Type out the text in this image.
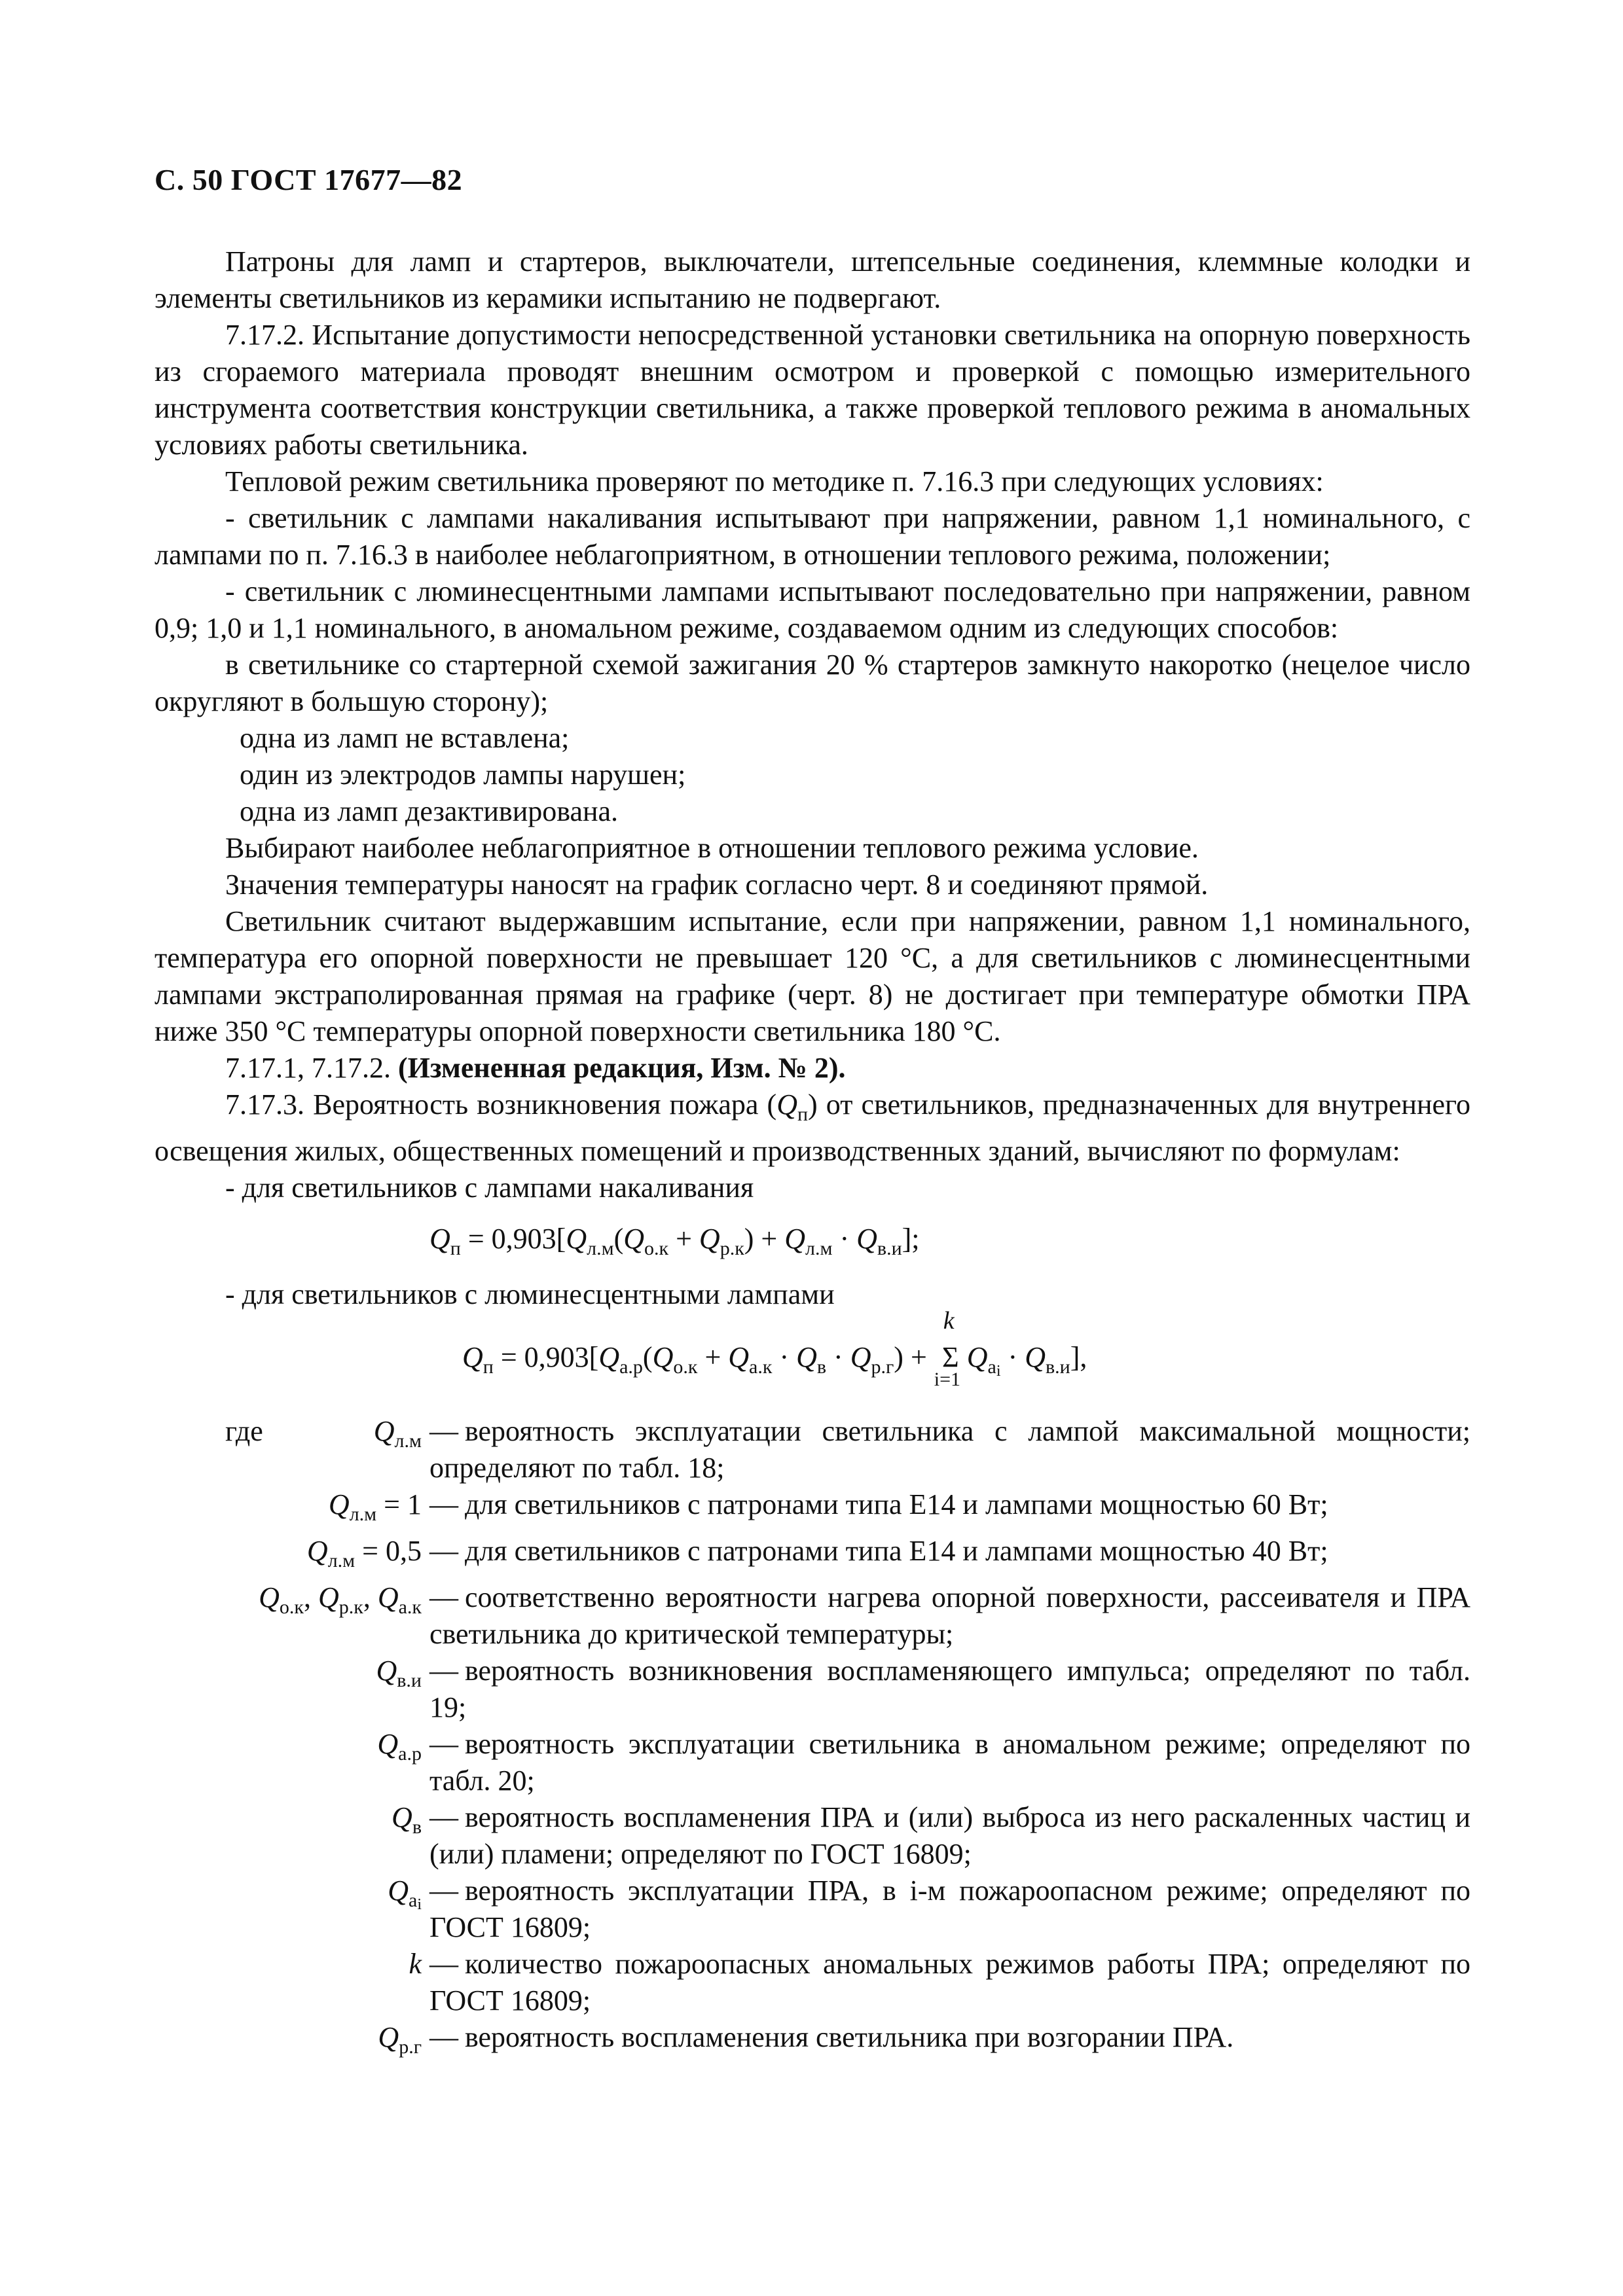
С. 50 ГОСТ 17677—82

Патроны для ламп и стартеров, выключатели, штепсельные соединения, клеммные колодки и элементы светильников из керамики испытанию не подвергают.

7.17.2. Испытание допустимости непосредственной установки светильника на опорную поверхность из сгораемого материала проводят внешним осмотром и проверкой с помощью измерительного инструмента соответствия конструкции светильника, а также проверкой теплового режима в аномальных условиях работы светильника.

Тепловой режим светильника проверяют по методике п. 7.16.3 при следующих условиях:

- светильник с лампами накаливания испытывают при напряжении, равном 1,1 номинального, с лампами по п. 7.16.3 в наиболее неблагоприятном, в отношении теплового режима, положении;

- светильник с люминесцентными лампами испытывают последовательно при напряжении, равном 0,9; 1,0 и 1,1 номинального, в аномальном режиме, создаваемом одним из следующих способов:

в светильнике со стартерной схемой зажигания 20 % стартеров замкнуто накоротко (нецелое число округляют в большую сторону);

одна из ламп не вставлена;

один из электродов лампы нарушен;

одна из ламп дезактивирована.

Выбирают наиболее неблагоприятное в отношении теплового режима условие.

Значения температуры наносят на график согласно черт. 8 и соединяют прямой.

Светильник считают выдержавшим испытание, если при напряжении, равном 1,1 номинального, температура его опорной поверхности не превышает 120 °С, а для светильников с люминесцентными лампами экстраполированная прямая на графике (черт. 8) не достигает при температуре обмотки ПРА ниже 350 °С температуры опорной поверхности светильника 180 °С.

7.17.1, 7.17.2. (Измененная редакция, Изм. № 2).

7.17.3. Вероятность возникновения пожара $(Q_п)$ от светильников, предназначенных для внутреннего освещения жилых, общественных помещений и производственных зданий, вычисляют по формулам:

- для светильников с лампами накаливания

$Q_п = 0,903[Q_{л.м}(Q_{о.к} + Q_{р.к}) + Q_{л.м} \cdot Q_{в.и}]$;

- для светильников с люминесцентными лампами

$Q_п = 0,903[Q_{а.р}(Q_{о.к} + Q_{а.к} \cdot Q_в \cdot Q_{р.г}) + \Sigma$
k
i=1
$Q_{а_i} \cdot Q_{в.и}$],
где	$Q_{л.м}$ — вероятность эксплуатации светильника с лампой максимальной мощности; определяют по табл. 18;
$Q_{л.м} = 1$ — для светильников с патронами типа Е14 и лампами мощностью 60 Вт;
$Q_{л.м} = 0,5$ — для светильников с патронами типа Е14 и лампами мощностью 40 Вт;
$Q_{о.к}$, $Q_{р.к}$, $Q_{а.к}$ — соответственно вероятности нагрева опорной поверхности, рассеивателя и ПРА светильника до критической температуры;
$Q_{в.и}$ — вероятность возникновения воспламеняющего импульса; определяют по табл. 19;
$Q_{а.р}$ — вероятность эксплуатации светильника в аномальном режиме; определяют по табл. 20;
$Q_в$ — вероятность воспламенения ПРА и (или) выброса из него раскаленных частиц и (или) пламени; определяют по ГОСТ 16809;
$Q_{а_i}$ — вероятность эксплуатации ПРА, в i-м пожароопасном режиме; определяют по ГОСТ 16809;
k — количество пожароопасных аномальных режимов работы ПРА; определяют по ГОСТ 16809;
$Q_{р.г}$ — вероятность воспламенения светильника при возгорании ПРА.
